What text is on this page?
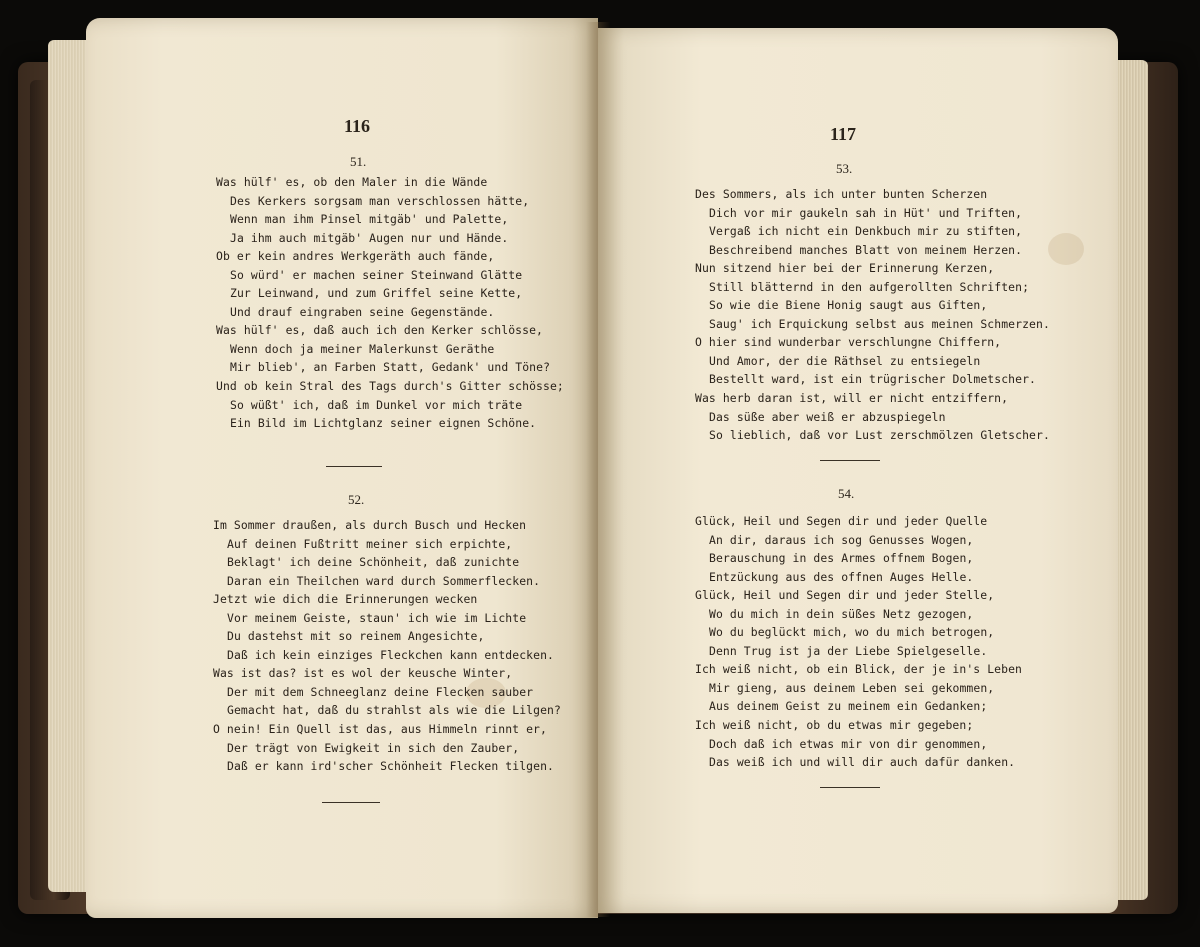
116
51.
Was hülf' es, ob den Maler in die Wände
Des Kerkers sorgsam man verschlossen hätte,
Wenn man ihm Pinsel mitgäb' und Palette,
Ja ihm auch mitgäb' Augen nur und Hände.
Ob er kein andres Werkgeräth auch fände,
So würd' er machen seiner Steinwand Glätte
Zur Leinwand, und zum Griffel seine Kette,
Und drauf eingraben seine Gegenstände.
Was hülf' es, daß auch ich den Kerker schlösse,
Wenn doch ja meiner Malerkunst Geräthe
Mir blieb', an Farben Statt, Gedank' und Töne?
Und ob kein Stral des Tags durch's Gitter schösse;
So wüßt' ich, daß im Dunkel vor mich träte
Ein Bild im Lichtglanz seiner eignen Schöne.
52.
Im Sommer draußen, als durch Busch und Hecken
Auf deinen Fußtritt meiner sich erpichte,
Beklagt' ich deine Schönheit, daß zunichte
Daran ein Theilchen ward durch Sommerflecken.
Jetzt wie dich die Erinnerungen wecken
Vor meinem Geiste, staun' ich wie im Lichte
Du dastehst mit so reinem Angesichte,
Daß ich kein einziges Fleckchen kann entdecken.
Was ist das? ist es wol der keusche Winter,
Der mit dem Schneeglanz deine Flecken sauber
Gemacht hat, daß du strahlst als wie die Lilgen?
O nein! Ein Quell ist das, aus Himmeln rinnt er,
Der trägt von Ewigkeit in sich den Zauber,
Daß er kann ird'scher Schönheit Flecken tilgen.
117
53.
Des Sommers, als ich unter bunten Scherzen
Dich vor mir gaukeln sah in Hüt' und Triften,
Vergaß ich nicht ein Denkbuch mir zu stiften,
Beschreibend manches Blatt von meinem Herzen.
Nun sitzend hier bei der Erinnerung Kerzen,
Still blätternd in den aufgerollten Schriften;
So wie die Biene Honig saugt aus Giften,
Saug' ich Erquickung selbst aus meinen Schmerzen.
O hier sind wunderbar verschlungne Chiffern,
Und Amor, der die Räthsel zu entsiegeln
Bestellt ward, ist ein trügrischer Dolmetscher.
Was herb daran ist, will er nicht entziffern,
Das süße aber weiß er abzuspiegeln
So lieblich, daß vor Lust zerschmölzen Gletscher.
54.
Glück, Heil und Segen dir und jeder Quelle
An dir, daraus ich sog Genusses Wogen,
Berauschung in des Armes offnem Bogen,
Entzückung aus des offnen Auges Helle.
Glück, Heil und Segen dir und jeder Stelle,
Wo du mich in dein süßes Netz gezogen,
Wo du beglückt mich, wo du mich betrogen,
Denn Trug ist ja der Liebe Spielgeselle.
Ich weiß nicht, ob ein Blick, der je in's Leben
Mir gieng, aus deinem Leben sei gekommen,
Aus deinem Geist zu meinem ein Gedanken;
Ich weiß nicht, ob du etwas mir gegeben;
Doch daß ich etwas mir von dir genommen,
Das weiß ich und will dir auch dafür danken.
